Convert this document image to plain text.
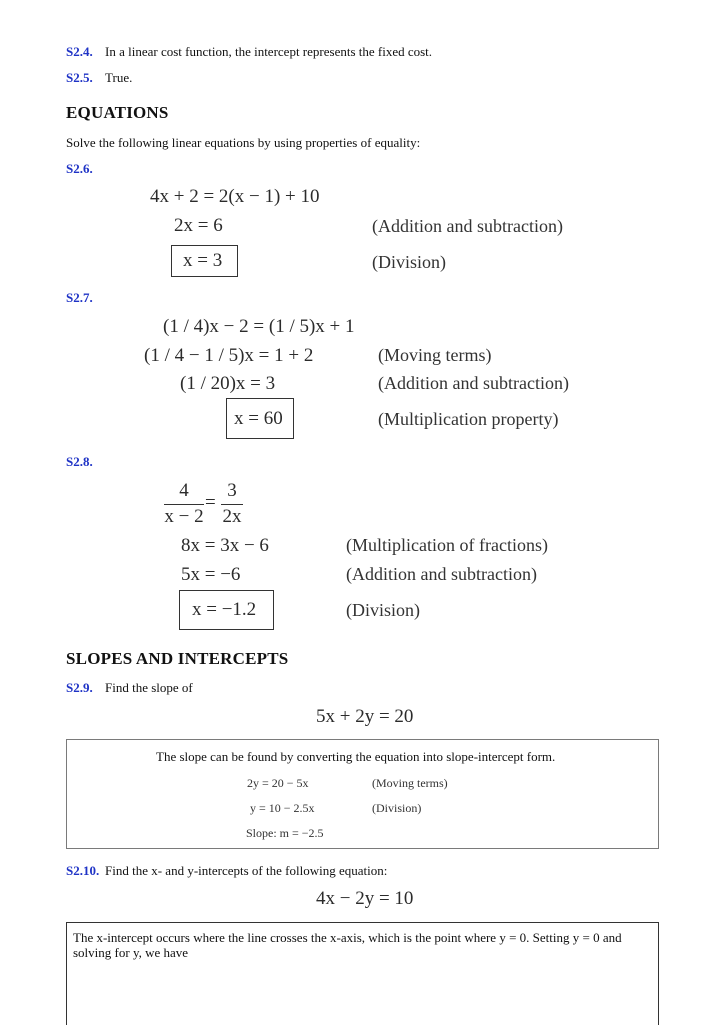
S2.4. In a linear cost function, the intercept represents the fixed cost.
S2.5. True.
EQUATIONS
Solve the following linear equations by using properties of equality:
S2.6.
4x + 2 = 2(x − 1) + 10
2x = 6	(Addition and subtraction)
x = 3	(Division)
S2.7.
(1 / 4)x − 2 = (1 / 5)x + 1
(1 / 4 − 1 / 5)x = 1 + 2	(Moving terms)
(1 / 20)x = 3	(Addition and subtraction)
x = 60	(Multiplication property)
S2.8.
4
x − 2
=
3
2x
8x = 3x − 6	(Multiplication of fractions)
5x = −6	(Addition and subtraction)
x = −1.2	(Division)
SLOPES AND INTERCEPTS
S2.9. Find the slope of
5x + 2y = 20
The slope can be found by converting the equation into slope-intercept form.
2y = 20 − 5x	(Moving terms)
y = 10 − 2.5x	(Division)
Slope: m = −2.5
S2.10. Find the x- and y-intercepts of the following equation:
4x − 2y = 10
The x-intercept occurs where the line crosses the x-axis, which is the point where y = 0. Setting y = 0 and
solving for y, we have
